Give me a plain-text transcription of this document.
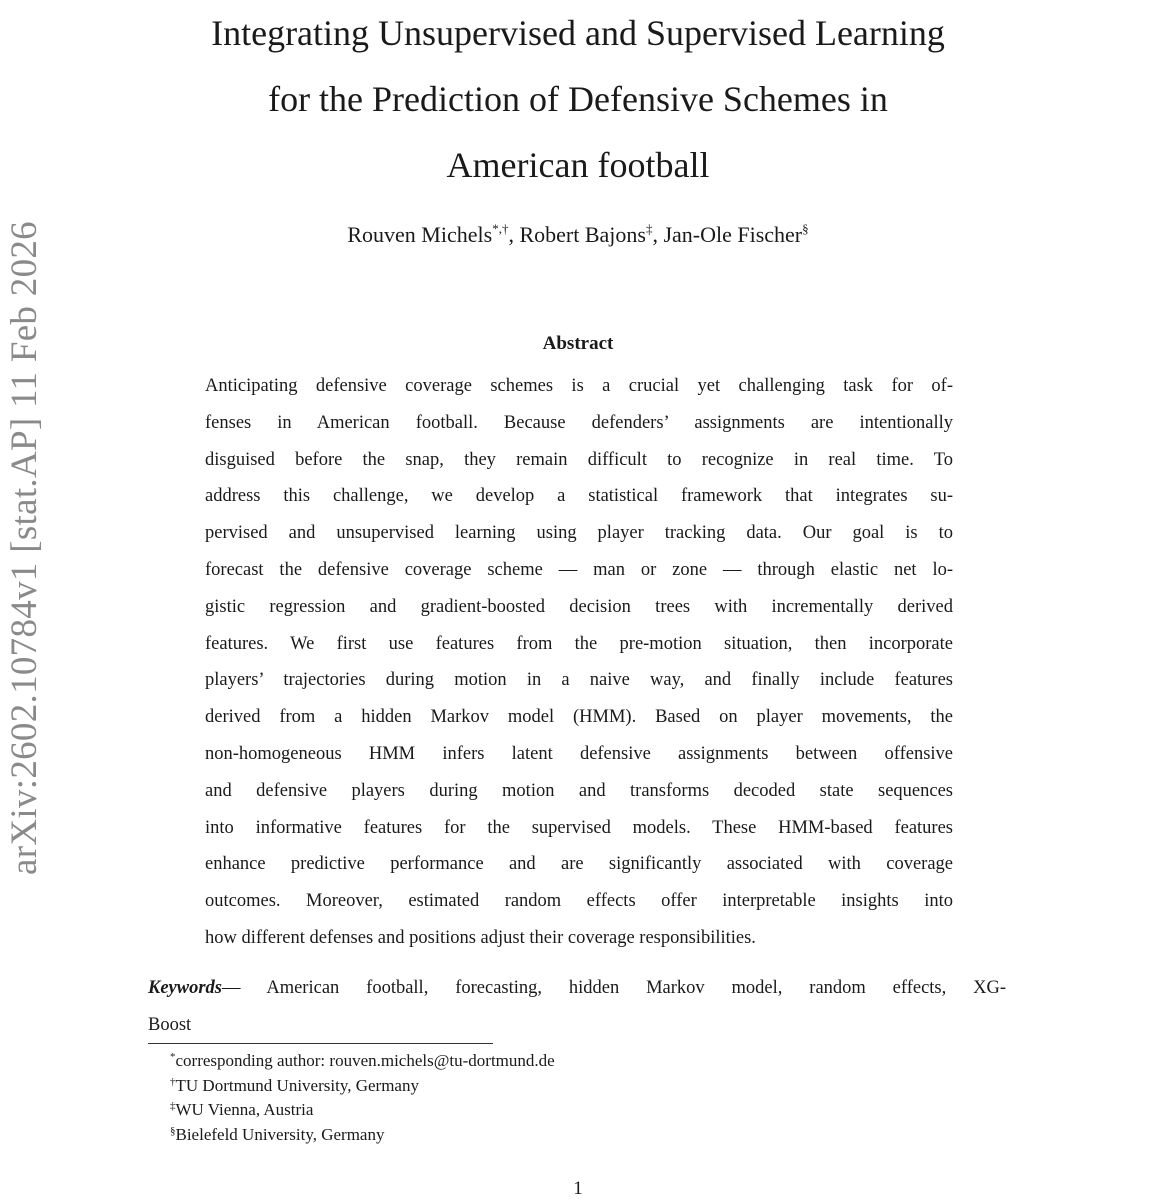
arXiv:2602.10784v1 [stat.AP] 11 Feb 2026
Integrating Unsupervised and Supervised Learning
for the Prediction of Defensive Schemes in
American football
Rouven Michels*,†, Robert Bajons‡, Jan-Ole Fischer§
Abstract
Anticipating defensive coverage schemes is a crucial yet challenging task for of-
fenses in American football. Because defenders’ assignments are intentionally
disguised before the snap, they remain difficult to recognize in real time. To
address this challenge, we develop a statistical framework that integrates su-
pervised and unsupervised learning using player tracking data. Our goal is to
forecast the defensive coverage scheme — man or zone — through elastic net lo-
gistic regression and gradient-boosted decision trees with incrementally derived
features. We first use features from the pre-motion situation, then incorporate
players’ trajectories during motion in a naive way, and finally include features
derived from a hidden Markov model (HMM). Based on player movements, the
non-homogeneous HMM infers latent defensive assignments between offensive
and defensive players during motion and transforms decoded state sequences
into informative features for the supervised models. These HMM-based features
enhance predictive performance and are significantly associated with coverage
outcomes. Moreover, estimated random effects offer interpretable insights into
how different defenses and positions adjust their coverage responsibilities.
Keywords— American football, forecasting, hidden Markov model, random effects, XG-
Boost
*corresponding author: rouven.michels@tu-dortmund.de
†TU Dortmund University, Germany
‡WU Vienna, Austria
§Bielefeld University, Germany
1
